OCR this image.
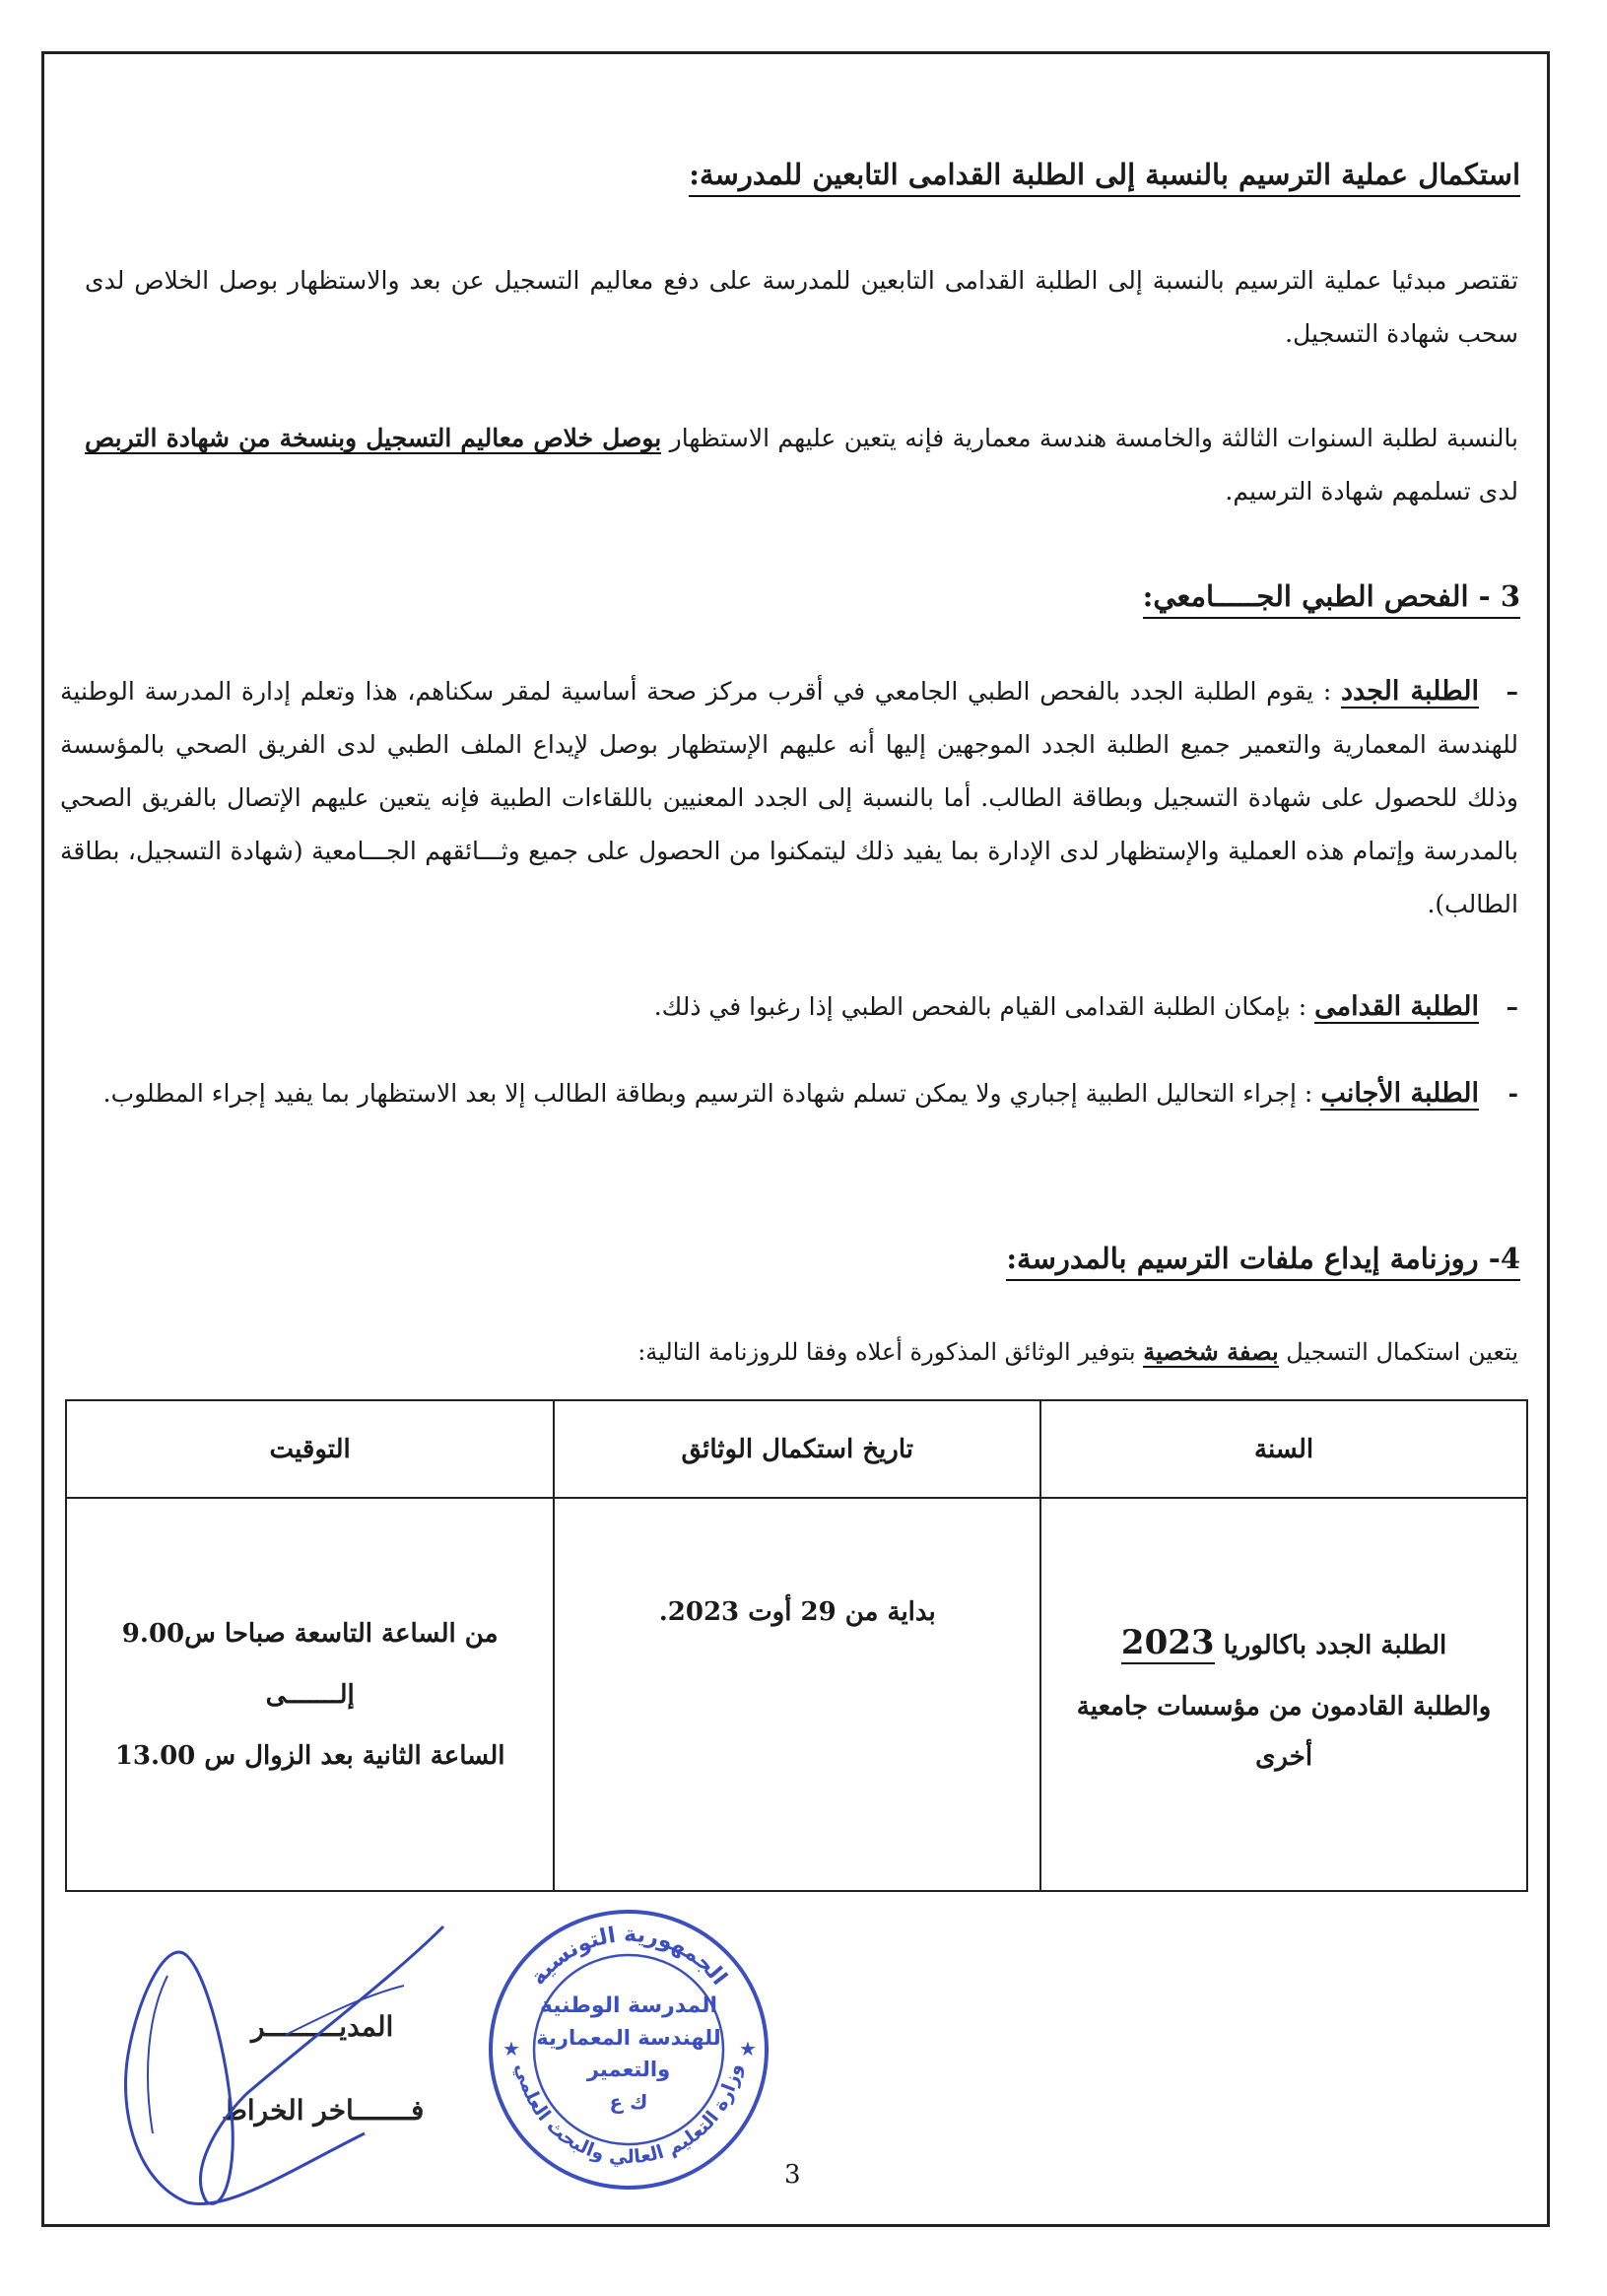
استكمال عملية الترسيم بالنسبة إلى الطلبة القدامى التابعين للمدرسة:
تقتصر مبدئيا عملية الترسيم بالنسبة إلى الطلبة القدامى التابعين للمدرسة على دفع معاليم التسجيل عن بعد والاستظهار بوصل الخلاص لدى سحب شهادة التسجيل.
بالنسبة لطلبة السنوات الثالثة والخامسة هندسة معمارية فإنه يتعين عليهم الاستظهار بوصل خلاص معاليم التسجيل وبنسخة من شهادة التربص لدى تسلمهم شهادة الترسيم.
3 - الفحص الطبي الجـــــامعي:
–الطلبة الجدد : يقوم الطلبة الجدد بالفحص الطبي الجامعي في أقرب مركز صحة أساسية لمقر سكناهم، هذا وتعلم إدارة المدرسة الوطنية للهندسة المعمارية والتعمير جميع الطلبة الجدد الموجهين إليها أنه عليهم الإستظهار بوصل لإيداع الملف الطبي لدى الفريق الصحي بالمؤسسة وذلك للحصول على شهادة التسجيل وبطاقة الطالب. أما بالنسبة إلى الجدد المعنيين باللقاءات الطبية فإنه يتعين عليهم الإتصال بالفريق الصحي بالمدرسة وإتمام هذه العملية والإستظهار لدى الإدارة بما يفيد ذلك ليتمكنوا من الحصول على جميع وثـــائقهم الجـــامعية (شهادة التسجيل، بطاقة الطالب).
–الطلبة القدامى : بإمكان الطلبة القدامى القيام بالفحص الطبي إذا رغبوا في ذلك.
-الطلبة الأجانب : إجراء التحاليل الطبية إجباري ولا يمكن تسلم شهادة الترسيم وبطاقة الطالب إلا بعد الاستظهار بما يفيد إجراء المطلوب.
4- روزنامة إيداع ملفات الترسيم بالمدرسة:
يتعين استكمال التسجيل بصفة شخصية بتوفير الوثائق المذكورة أعلاه وفقا للروزنامة التالية:
السنة	تاريخ استكمال الوثائق	التوقيت

الطلبة الجدد باكالوريا 2023
والطلبة القادمون من مؤسسات جامعية
أخرى	بداية من 29 أوت 2023.	من الساعة التاسعة صباحا س9.00
إلـــــــى
الساعة الثانية بعد الزوال س 13.00
المديـــــــــر
فـــــــاخر الخراط
الجمهورية التونسية
وزارة التعليم العالي والبحث العلمي
★	★
المدرسة الوطنية
للهندسة المعمارية
والتعمير
ك ع
3
